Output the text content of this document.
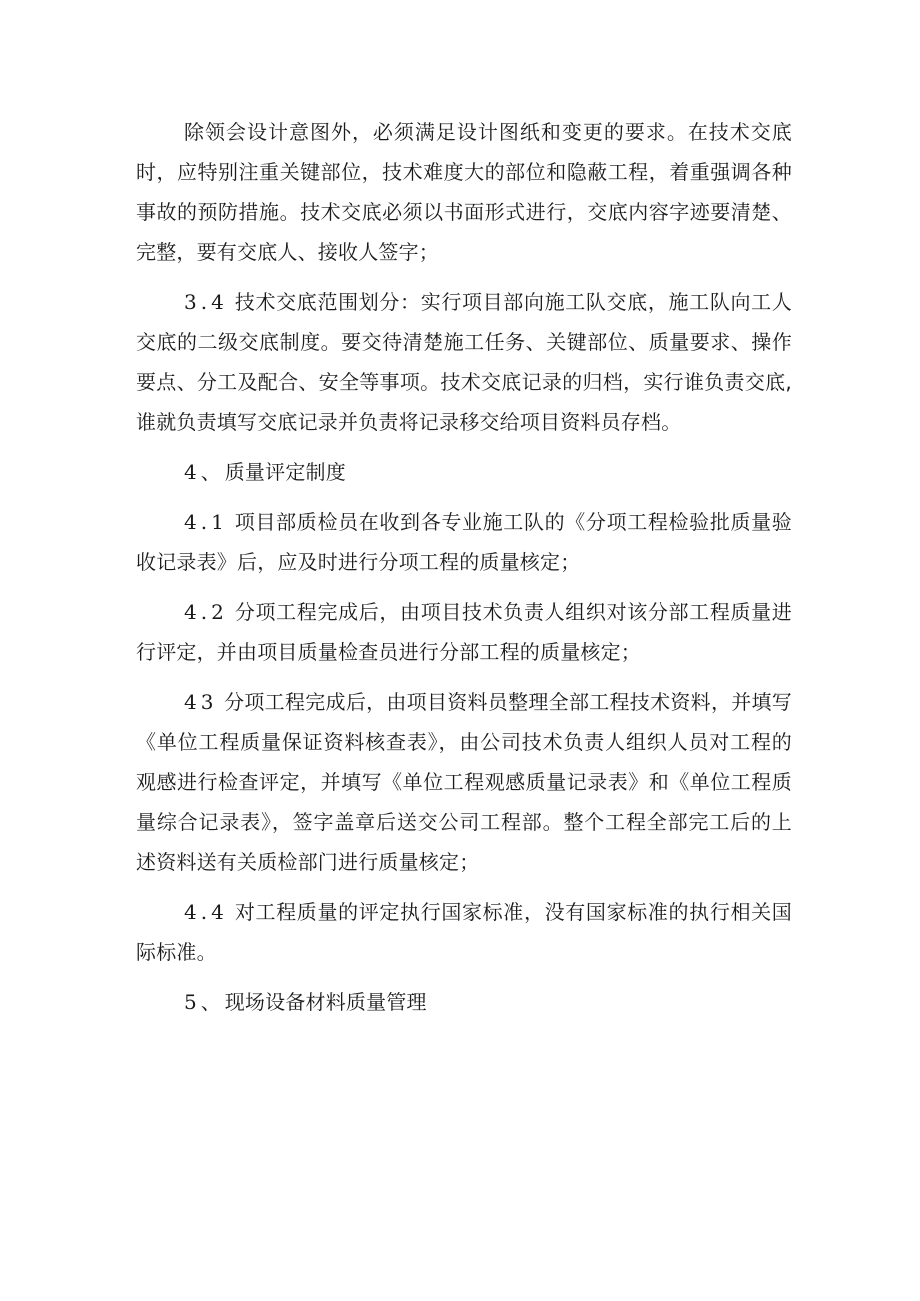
除领会设计意图外，必须满足设计图纸和变更的要求。在技术交底时，应特别注重关键部位，技术难度大的部位和隐蔽工程，着重强调各种事故的预防措施。技术交底必须以书面形式进行，交底内容字迹要清楚、完整，要有交底人、接收人签字；

3.4 技术交底范围划分：实行项目部向施工队交底，施工队向工人交底的二级交底制度。要交待清楚施工任务、关键部位、质量要求、操作要点、分工及配合、安全等事项。技术交底记录的归档，实行谁负责交底,谁就负责填写交底记录并负责将记录移交给项目资料员存档。

4、质量评定制度

4.1 项目部质检员在收到各专业施工队的《分项工程检验批质量验收记录表》后，应及时进行分项工程的质量核定；

4.2 分项工程完成后，由项目技术负责人组织对该分部工程质量进行评定，并由项目质量检查员进行分部工程的质量核定；

43 分项工程完成后，由项目资料员整理全部工程技术资料，并填写《单位工程质量保证资料核查表》，由公司技术负责人组织人员对工程的观感进行检查评定，并填写《单位工程观感质量记录表》和《单位工程质量综合记录表》，签字盖章后送交公司工程部。整个工程全部完工后的上述资料送有关质检部门进行质量核定；

4.4 对工程质量的评定执行国家标准，没有国家标准的执行相关国际标准。

5、现场设备材料质量管理
